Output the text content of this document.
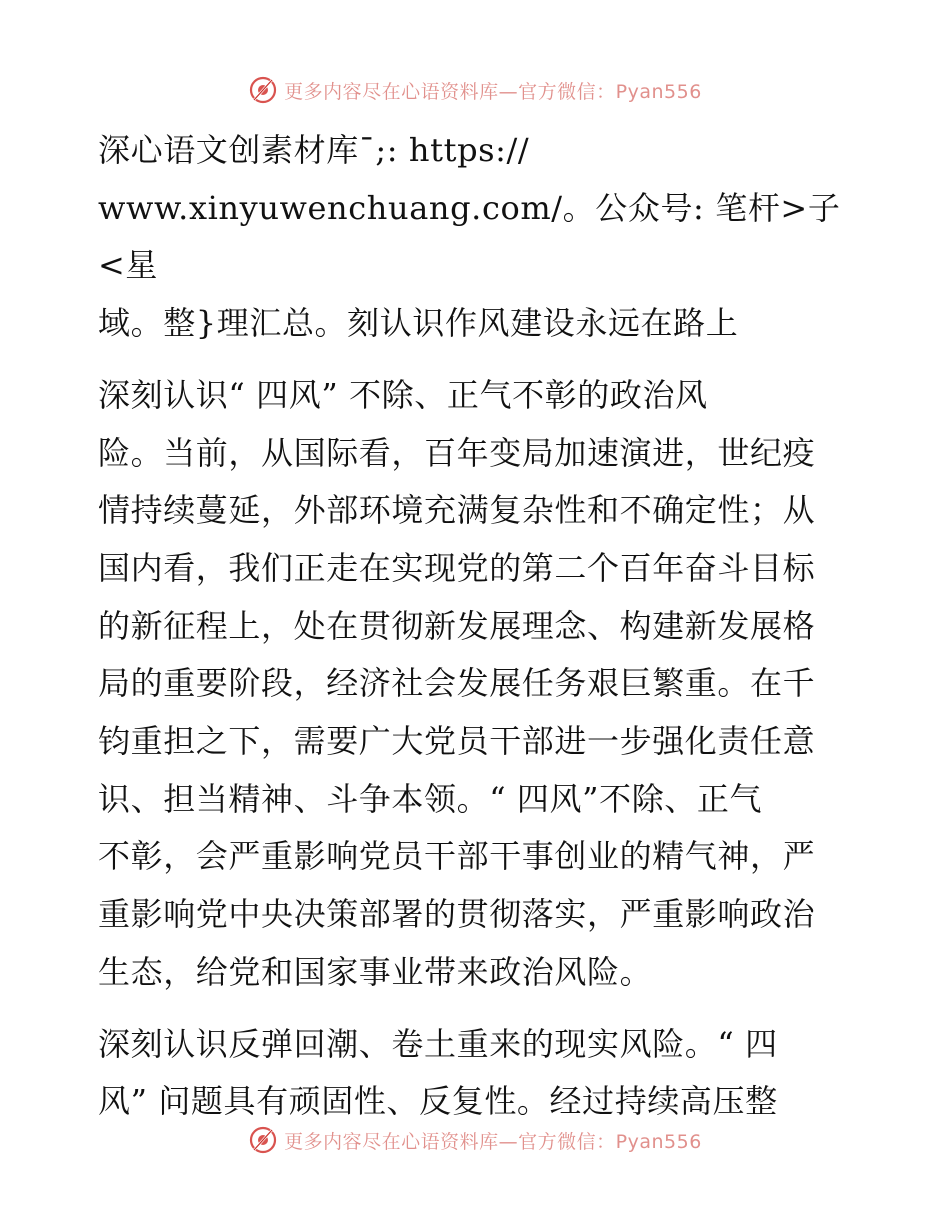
更多内容尽在心语资料库—官方微信：Pyan556

深心语文创素材库¯;: https://
www.xinyuwenchuang.com/。公众号: 笔杆>子<星
域。整}理汇总。刻认识作风建设永远在路上

深刻认识“ 四风” 不除、正气不彰的政治风
险。当前，从国际看，百年变局加速演进，世纪疫
情持续蔓延，外部环境充满复杂性和不确定性；从
国内看，我们正走在实现党的第二个百年奋斗目标
的新征程上，处在贯彻新发展理念、构建新发展格
局的重要阶段，经济社会发展任务艰巨繁重。在千
钧重担之下，需要广大党员干部进一步强化责任意
识、担当精神、斗争本领。“ 四风”不除、正气
不彰，会严重影响党员干部干事创业的精气神，严
重影响党中央决策部署的贯彻落实，严重影响政治
生态，给党和国家事业带来政治风险。

深刻认识反弹回潮、卷土重来的现实风险。“ 四
风” 问题具有顽固性、反复性。经过持续高压整

更多内容尽在心语资料库—官方微信：Pyan556
